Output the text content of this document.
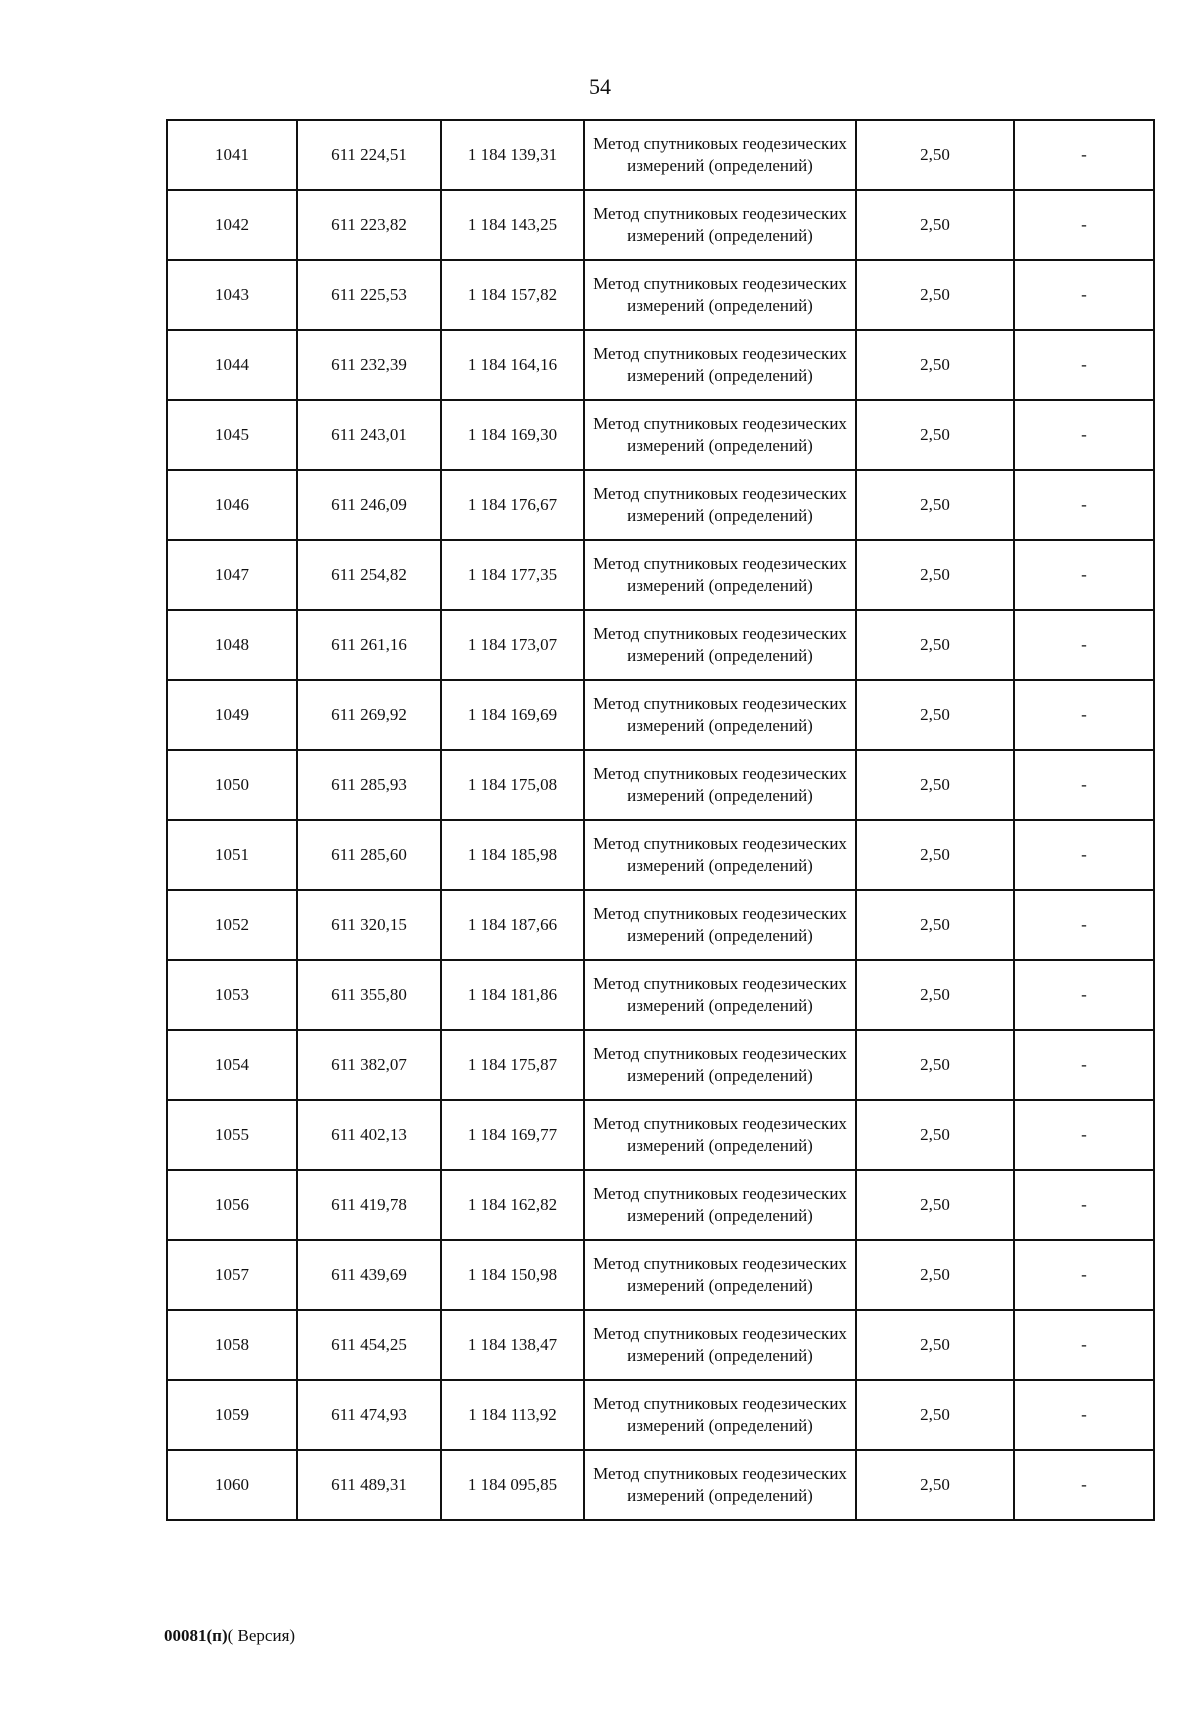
54
1041	611 224,51	1 184 139,31	Метод спутниковых геодезических измерений (определений)	2,50	-
1042	611 223,82	1 184 143,25	Метод спутниковых геодезических измерений (определений)	2,50	-
1043	611 225,53	1 184 157,82	Метод спутниковых геодезических измерений (определений)	2,50	-
1044	611 232,39	1 184 164,16	Метод спутниковых геодезических измерений (определений)	2,50	-
1045	611 243,01	1 184 169,30	Метод спутниковых геодезических измерений (определений)	2,50	-
1046	611 246,09	1 184 176,67	Метод спутниковых геодезических измерений (определений)	2,50	-
1047	611 254,82	1 184 177,35	Метод спутниковых геодезических измерений (определений)	2,50	-
1048	611 261,16	1 184 173,07	Метод спутниковых геодезических измерений (определений)	2,50	-
1049	611 269,92	1 184 169,69	Метод спутниковых геодезических измерений (определений)	2,50	-
1050	611 285,93	1 184 175,08	Метод спутниковых геодезических измерений (определений)	2,50	-
1051	611 285,60	1 184 185,98	Метод спутниковых геодезических измерений (определений)	2,50	-
1052	611 320,15	1 184 187,66	Метод спутниковых геодезических измерений (определений)	2,50	-
1053	611 355,80	1 184 181,86	Метод спутниковых геодезических измерений (определений)	2,50	-
1054	611 382,07	1 184 175,87	Метод спутниковых геодезических измерений (определений)	2,50	-
1055	611 402,13	1 184 169,77	Метод спутниковых геодезических измерений (определений)	2,50	-
1056	611 419,78	1 184 162,82	Метод спутниковых геодезических измерений (определений)	2,50	-
1057	611 439,69	1 184 150,98	Метод спутниковых геодезических измерений (определений)	2,50	-
1058	611 454,25	1 184 138,47	Метод спутниковых геодезических измерений (определений)	2,50	-
1059	611 474,93	1 184 113,92	Метод спутниковых геодезических измерений (определений)	2,50	-
1060	611 489,31	1 184 095,85	Метод спутниковых геодезических измерений (определений)	2,50	-
00081(п)( Версия)
